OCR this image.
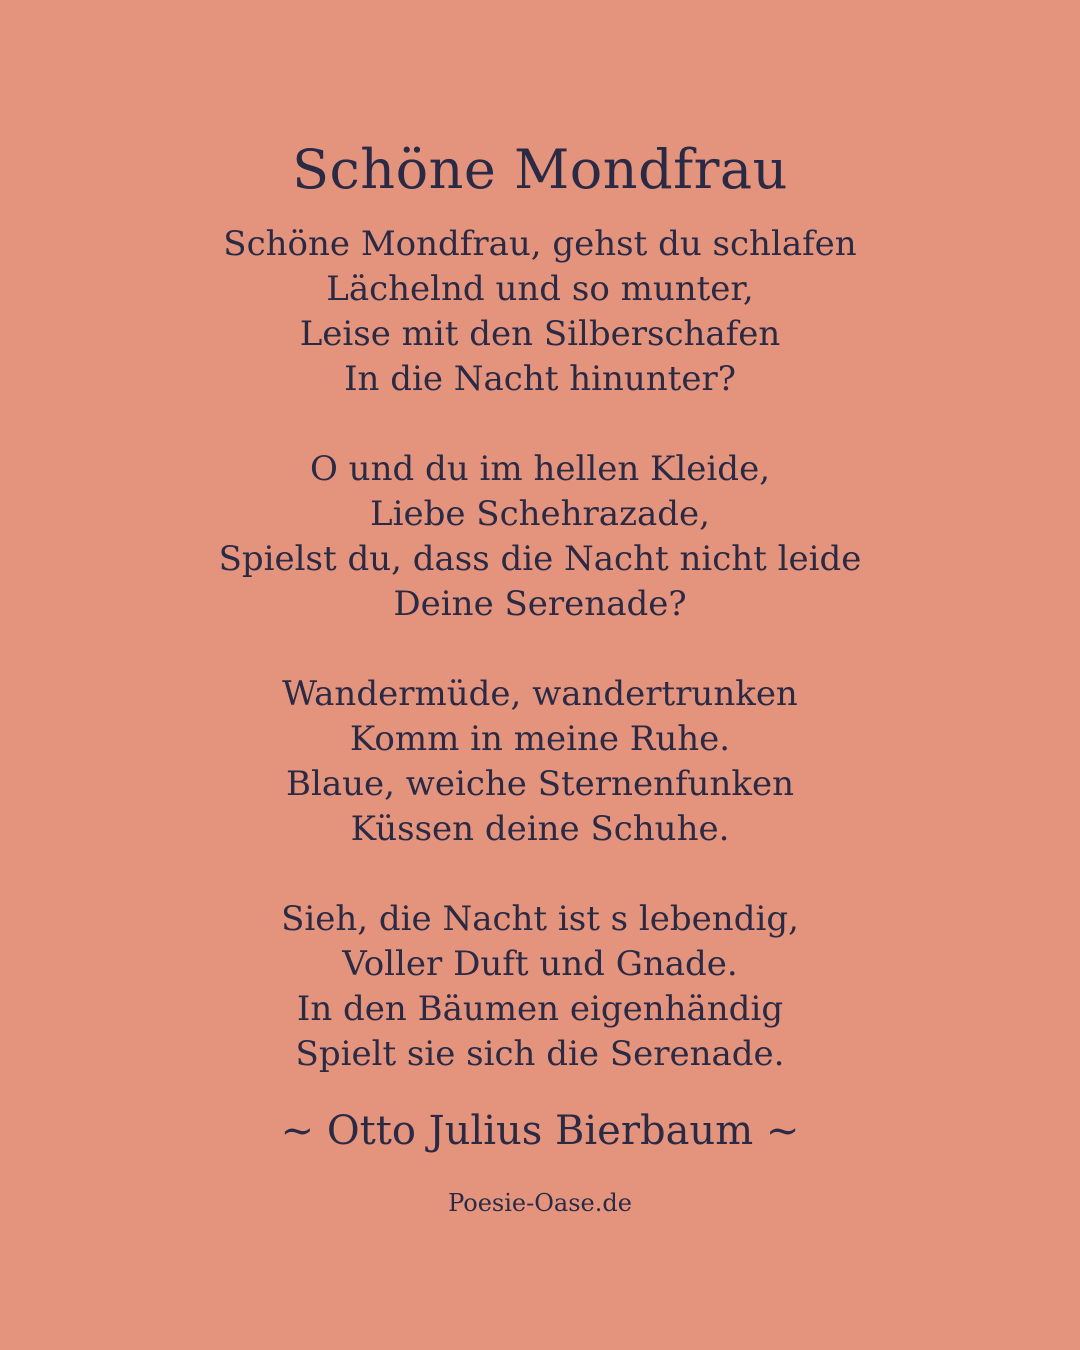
Schöne Mondfrau
Schöne Mondfrau, gehst du schlafen
Lächelnd und so munter,
Leise mit den Silberschafen
In die Nacht hinunter?
O und du im hellen Kleide,
Liebe Schehrazade,
Spielst du, dass die Nacht nicht leide
Deine Serenade?
Wandermüde, wandertrunken
Komm in meine Ruhe.
Blaue, weiche Sternenfunken
Küssen deine Schuhe.
Sieh, die Nacht ist s lebendig,
Voller Duft und Gnade.
In den Bäumen eigenhändig
Spielt sie sich die Serenade.
~ Otto Julius Bierbaum ~
Poesie-Oase.de
